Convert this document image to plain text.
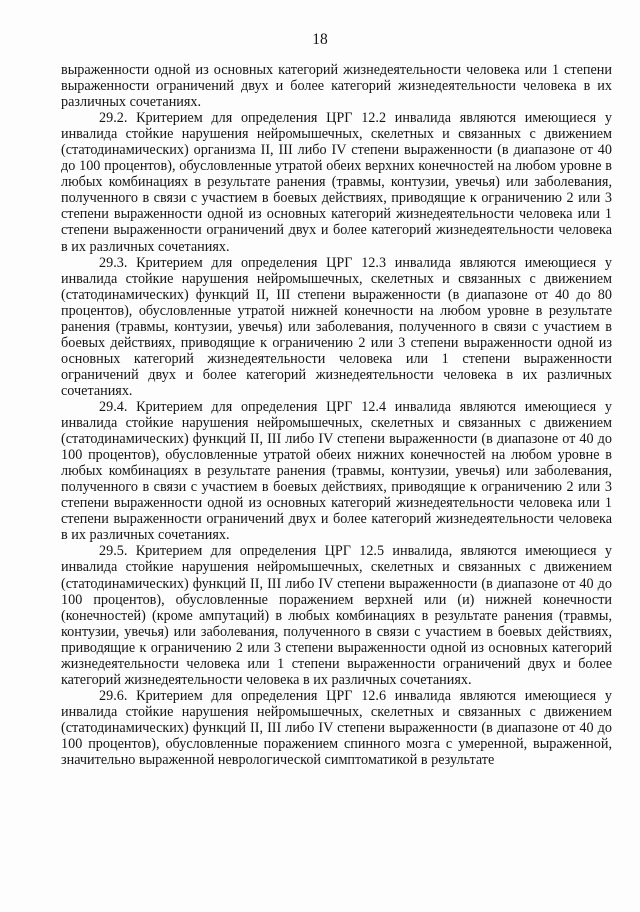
18

выраженности одной из основных категорий жизнедеятельности человека или 1 степени выраженности ограничений двух и более категорий жизнедеятельности человека в их различных сочетаниях.

29.2. Критерием для определения ЦРГ 12.2 инвалида являются имеющиеся у инвалида стойкие нарушения нейромышечных, скелетных и связанных с движением (статодинамических) организма II, III либо IV степени выраженности (в диапазоне от 40 до 100 процентов), обусловленные утратой обеих верхних конечностей на любом уровне в любых комбинациях в результате ранения (травмы, контузии, увечья) или заболевания, полученного в связи с участием в боевых действиях, приводящие к ограничению 2 или 3 степени выраженности одной из основных категорий жизнедеятельности человека или 1 степени выраженности ограничений двух и более категорий жизнедеятельности человека в их различных сочетаниях.

29.3. Критерием для определения ЦРГ 12.3 инвалида являются имеющиеся у инвалида стойкие нарушения нейромышечных, скелетных и связанных с движением (статодинамических) функций II, III степени выраженности (в диапазоне от 40 до 80 процентов), обусловленные утратой нижней конечности на любом уровне в результате ранения (травмы, контузии, увечья) или заболевания, полученного в связи с участием в боевых действиях, приводящие к ограничению 2 или 3 степени выраженности одной из основных категорий жизнедеятельности человека или 1 степени выраженности ограничений двух и более категорий жизнедеятельности человека в их различных сочетаниях.

29.4. Критерием для определения ЦРГ 12.4 инвалида являются имеющиеся у инвалида стойкие нарушения нейромышечных, скелетных и связанных с движением (статодинамических) функций II, III либо IV степени выраженности (в диапазоне от 40 до 100 процентов), обусловленные утратой обеих нижних конечностей на любом уровне в любых комбинациях в результате ранения (травмы, контузии, увечья) или заболевания, полученного в связи с участием в боевых действиях, приводящие к ограничению 2 или 3 степени выраженности одной из основных категорий жизнедеятельности человека или 1 степени выраженности ограничений двух и более категорий жизнедеятельности человека в их различных сочетаниях.

29.5. Критерием для определения ЦРГ 12.5 инвалида, являются имеющиеся у инвалида стойкие нарушения нейромышечных, скелетных и связанных с движением (статодинамических) функций II, III либо IV степени выраженности (в диапазоне от 40 до 100 процентов), обусловленные поражением верхней или (и) нижней конечности (конечностей) (кроме ампутаций) в любых комбинациях в результате ранения (травмы, контузии, увечья) или заболевания, полученного в связи с участием в боевых действиях, приводящие к ограничению 2 или 3 степени выраженности одной из основных категорий жизнедеятельности человека или 1 степени выраженности ограничений двух и более категорий жизнедеятельности человека в их различных сочетаниях.

29.6. Критерием для определения ЦРГ 12.6 инвалида являются имеющиеся у инвалида стойкие нарушения нейромышечных, скелетных и связанных с движением (статодинамических) функций II, III либо IV степени выраженности (в диапазоне от 40 до 100 процентов), обусловленные поражением спинного мозга с умеренной, выраженной, значительно выраженной неврологической симптоматикой в результате
